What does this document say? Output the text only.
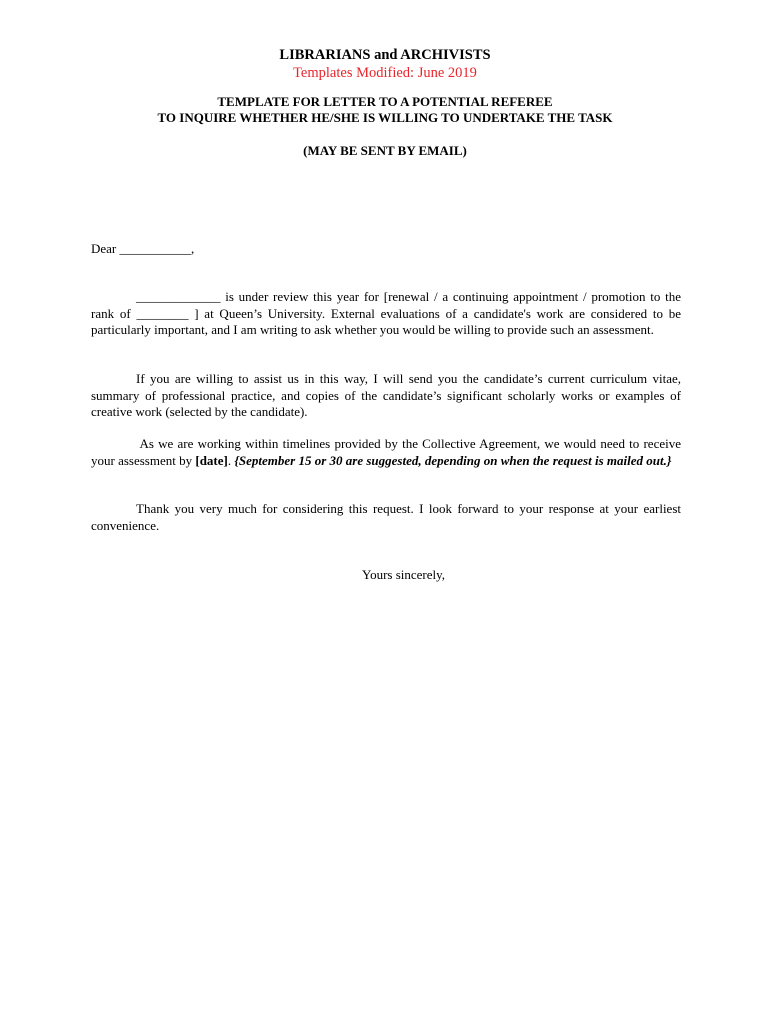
LIBRARIANS and ARCHIVISTS
Templates Modified: June 2019
TEMPLATE FOR LETTER TO A POTENTIAL REFEREE
TO INQUIRE WHETHER HE/SHE IS WILLING TO UNDERTAKE THE TASK
(MAY BE SENT BY EMAIL)
Dear ___________,

_____________ is under review this year for [renewal / a continuing appointment / promotion to the rank of ________ ] at Queen’s University. External evaluations of a candidate's work are considered to be particularly important, and I am writing to ask whether you would be willing to provide such an assessment.

If you are willing to assist us in this way, I will send you the candidate’s current curriculum vitae, summary of professional practice, and copies of the candidate’s significant scholarly works or examples of creative work (selected by the candidate).

As we are working within timelines provided by the Collective Agreement, we would need to receive your assessment by [date]. {September 15 or 30 are suggested, depending on when the request is mailed out.}

Thank you very much for considering this request. I look forward to your response at your earliest convenience.

Yours sincerely,
